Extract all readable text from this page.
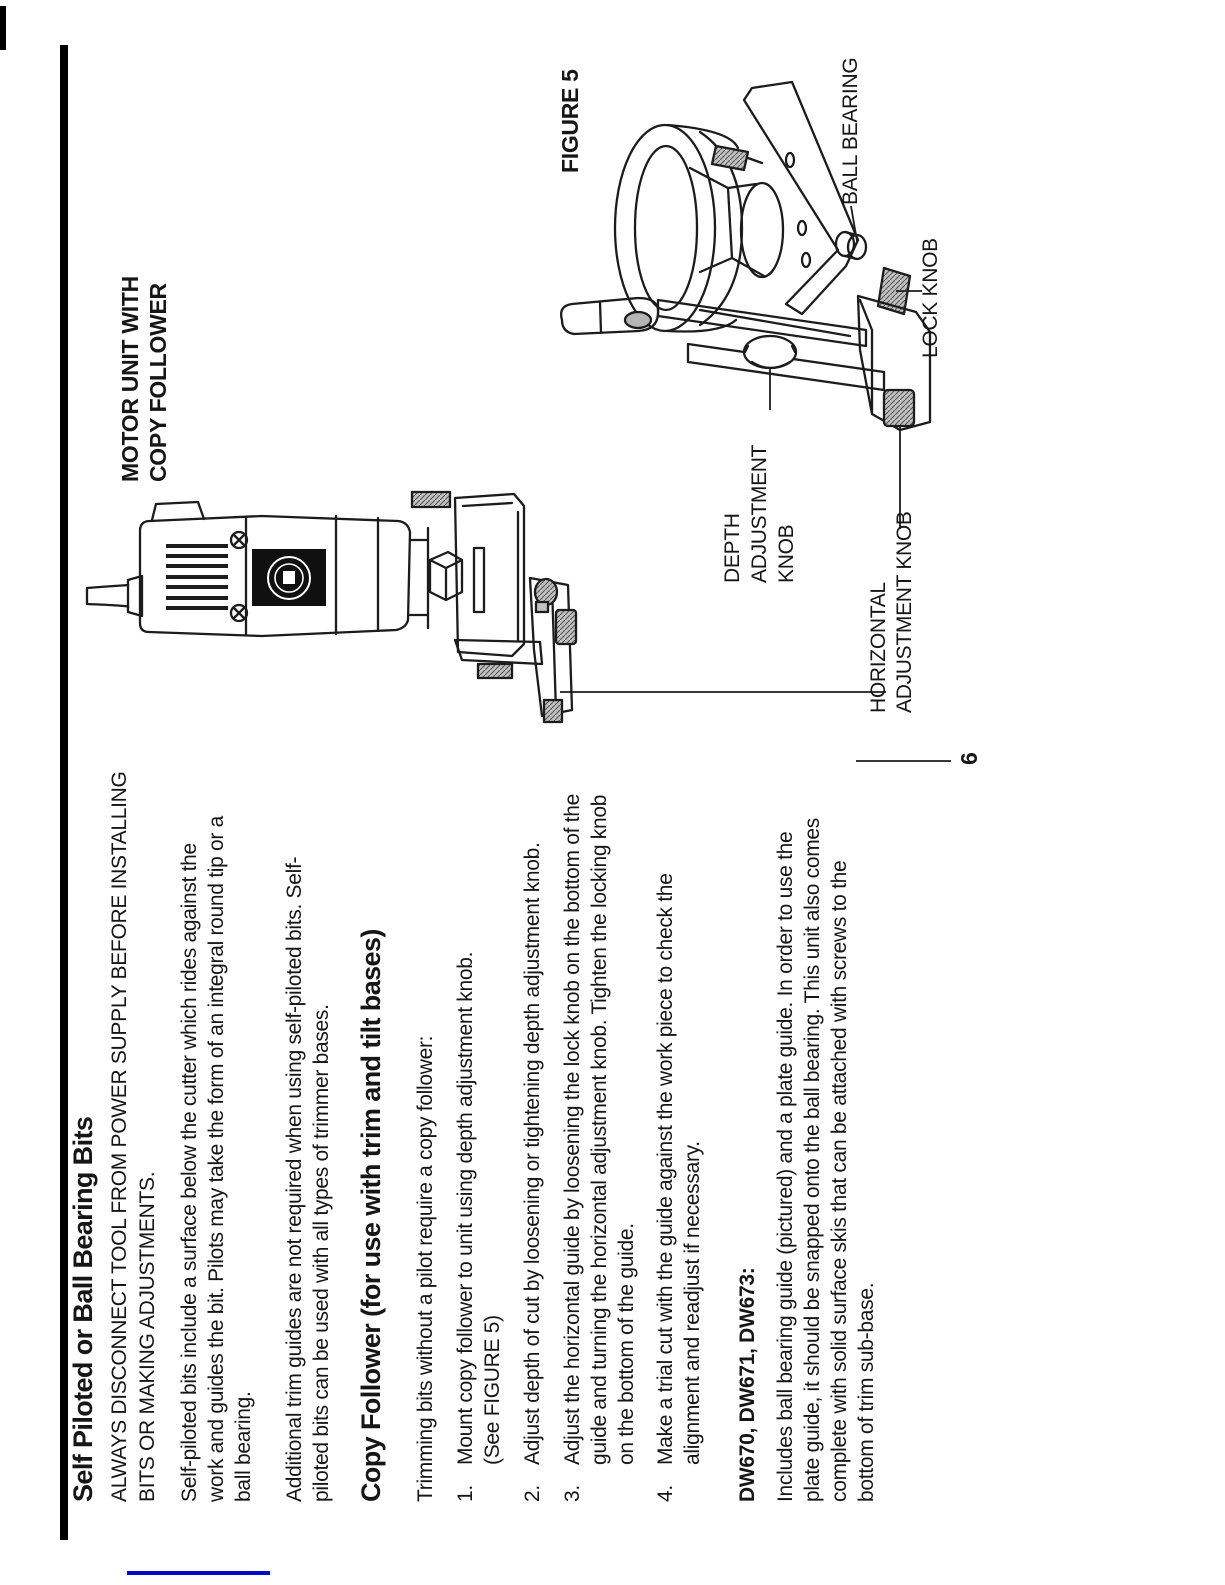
Self Piloted or Ball Bearing Bits ALWAYS DISCONNECT TOOL FROM POWER SUPPLY BEFORE INSTALLING BITS OR MAKING ADJUSTMENTS. Self-piloted bits include a surface below the cutter which rides against the work and guides the bit. Pilots may take the form of an integral round tip or a ball bearing. Additional trim guides are not required when using self-piloted bits. Self- piloted bits can be used with all types of trimmer bases. Copy Follower (for use with trim and tilt bases) Trimming bits without a pilot require a copy follower: 1.
Mount copy follower to unit using depth adjustment knob. (See FIGURE 5)
2.
Adjust depth of cut by loosening or tightening depth adjustment knob.
3.
Adjust the horizontal guide by loosening the lock knob on the bottom of the guide and turning the horizontal adjustment knob. Tighten the locking knob on the bottom of the guide.
4.
Make a trial cut with the guide against the work piece to check the alignment and readjust if necessary. DW670, DW671, DW673: Includes ball bearing guide (pictured) and a plate guide. In order to use the plate guide, it should be snapped onto the ball bearing. This unit also comes complete with solid surface skis that can be attached with screws to the bottom of trim sub-base.
MOTOR UNIT WITH COPY FOLLOWER
FIGURE 5	BALL BEARING
LOCK KNOB
DEPTH ADJUSTMENT KNOB
HORIZONTAL ADJUSTMENT KNOB
6
